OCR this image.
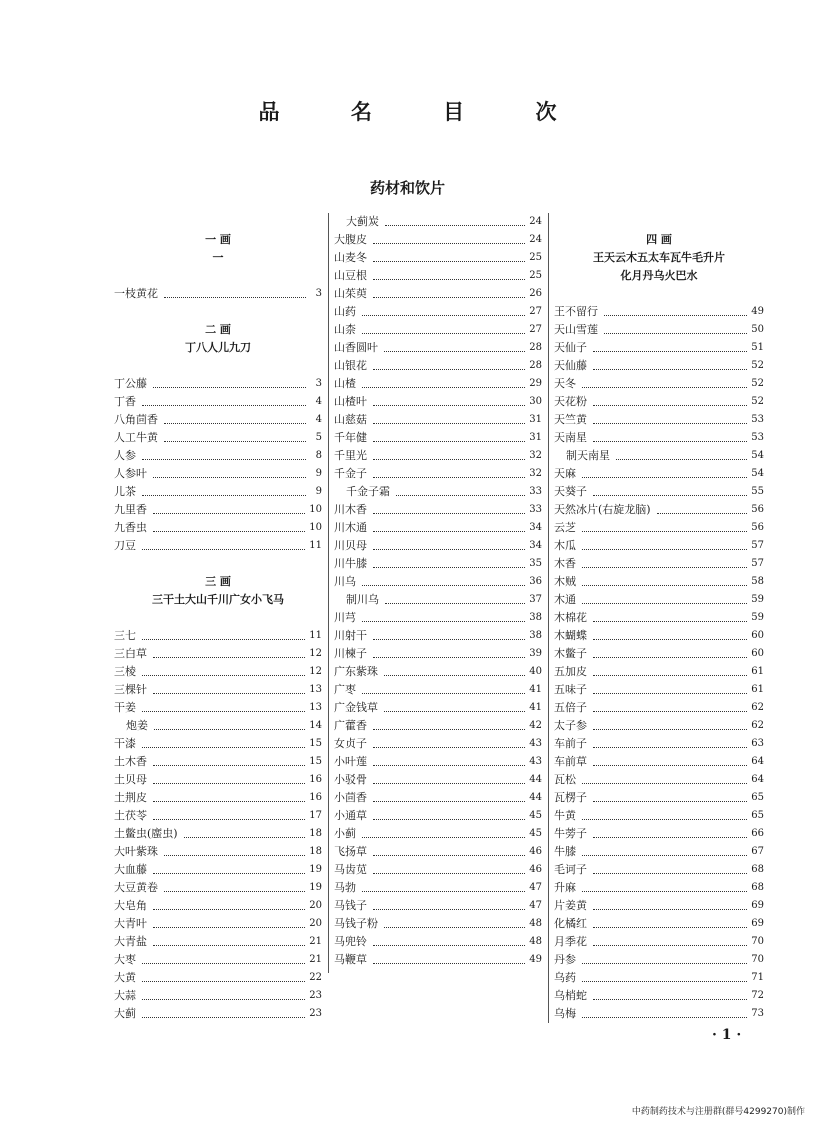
品 名 目 次
药材和饮片
一 画
一
一枝黄花	3
二 画
丁八人儿九刀
丁公藤	3
丁香	4
八角茴香	4
人工牛黄	5
人参	8
人参叶	9
儿茶	9
九里香	10
九香虫	10
刀豆	11
三 画
三干土大山千川广女小飞马
三七	11
三白草	12
三棱	12
三棵针	13
干姜	13
炮姜	14
干漆	15
土木香	15
土贝母	16
土荆皮	16
土茯苓	17
土鳖虫(䗪虫)	18
大叶紫珠	18
大血藤	19
大豆黄卷	19
大皂角	20
大青叶	20
大青盐	21
大枣	21
大黄	22
大蒜	23
大蓟	23
大蓟炭	24
大腹皮	24
山麦冬	25
山豆根	25
山茱萸	26
山药	27
山柰	27
山香圆叶	28
山银花	28
山楂	29
山楂叶	30
山慈菇	31
千年健	31
千里光	32
千金子	32
千金子霜	33
川木香	33
川木通	34
川贝母	34
川牛膝	35
川乌	36
制川乌	37
川芎	38
川射干	38
川楝子	39
广东紫珠	40
广枣	41
广金钱草	41
广藿香	42
女贞子	43
小叶莲	43
小驳骨	44
小茴香	44
小通草	45
小蓟	45
飞扬草	46
马齿苋	46
马勃	47
马钱子	47
马钱子粉	48
马兜铃	48
马鞭草	49
四 画
王天云木五太车瓦牛毛升片
化月丹乌火巴水
王不留行	49
天山雪莲	50
天仙子	51
天仙藤	52
天冬	52
天花粉	52
天竺黄	53
天南星	53
制天南星	54
天麻	54
天葵子	55
天然冰片(右旋龙脑)	56
云芝	56
木瓜	57
木香	57
木贼	58
木通	59
木棉花	59
木蝴蝶	60
木鳖子	60
五加皮	61
五味子	61
五倍子	62
太子参	62
车前子	63
车前草	64
瓦松	64
瓦楞子	65
牛黄	65
牛蒡子	66
牛膝	67
毛诃子	68
升麻	68
片姜黄	69
化橘红	69
月季花	70
丹参	70
乌药	71
乌梢蛇	72
乌梅	73
· 1 ·
中药制药技术与注册群(群号4299270)制作
